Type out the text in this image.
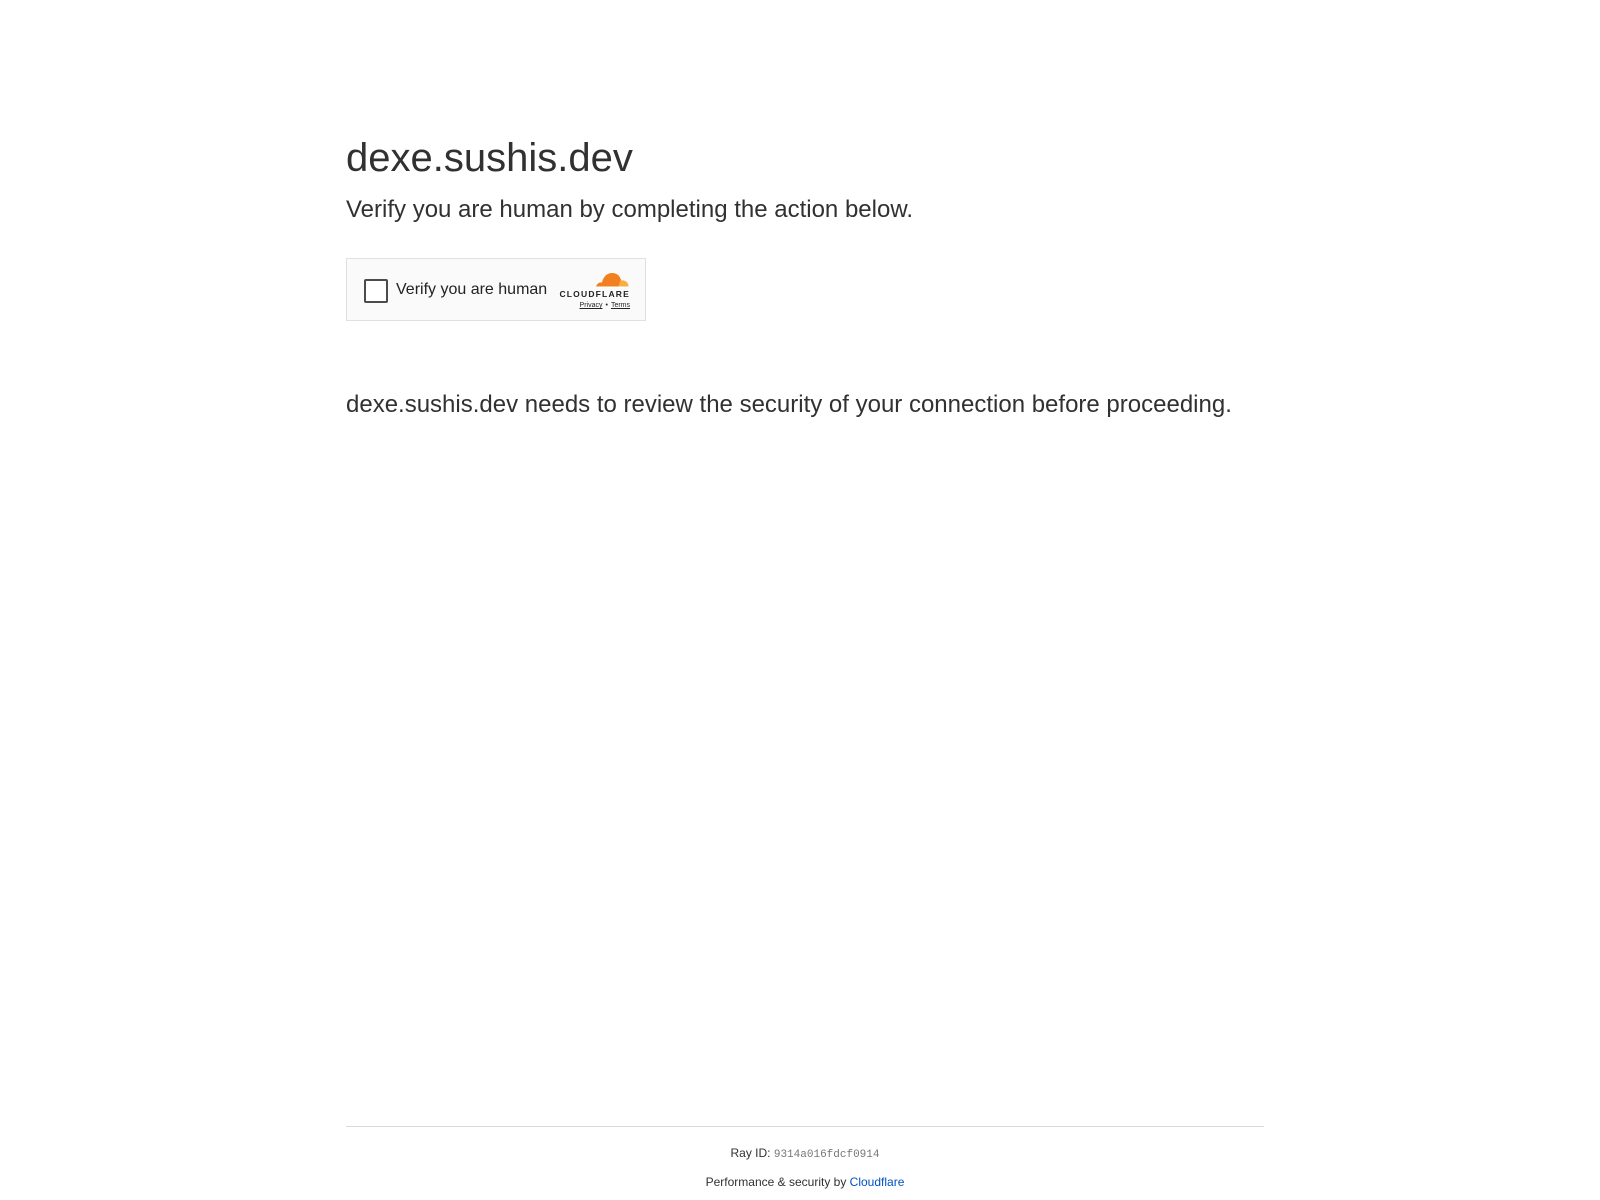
dexe.sushis.dev

Verify you are human by completing the action below.

Verify you are human CLOUDFLARE
Privacy • Terms

dexe.sushis.dev needs to review the security of your connection before proceeding.

Ray ID: 9314a016fdcf0914
Performance & security by Cloudflare
